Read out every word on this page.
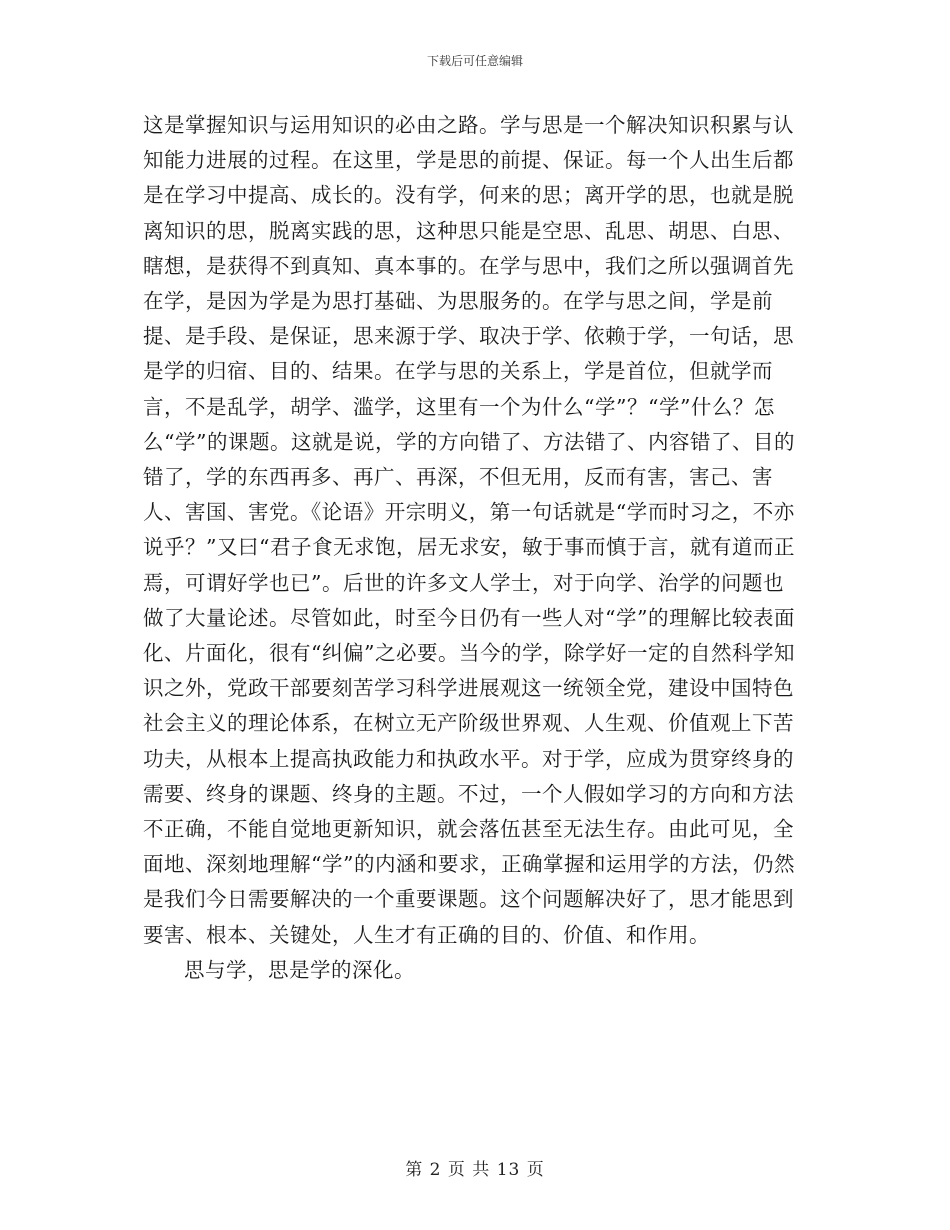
下载后可任意编辑

这是掌握知识与运用知识的必由之路。学与思是一个解决知识积累与认知能力进展的过程。在这里，学是思的前提、保证。每一个人出生后都是在学习中提高、成长的。没有学，何来的思；离开学的思，也就是脱离知识的思，脱离实践的思，这种思只能是空思、乱思、胡思、白思、瞎想，是获得不到真知、真本事的。在学与思中，我们之所以强调首先在学，是因为学是为思打基础、为思服务的。在学与思之间，学是前提、是手段、是保证，思来源于学、取决于学、依赖于学，一句话，思是学的归宿、目的、结果。在学与思的关系上，学是首位，但就学而言，不是乱学，胡学、滥学，这里有一个为什么“学”？“学”什么？怎么“学”的课题。这就是说，学的方向错了、方法错了、内容错了、目的错了，学的东西再多、再广、再深，不但无用，反而有害，害己、害人、害国、害党。《论语》开宗明义，第一句话就是“学而时习之，不亦说乎？”又曰“君子食无求饱，居无求安，敏于事而慎于言，就有道而正焉，可谓好学也已”。后世的许多文人学士，对于向学、治学的问题也做了大量论述。尽管如此，时至今日仍有一些人对“学”的理解比较表面化、片面化，很有“纠偏”之必要。当今的学，除学好一定的自然科学知识之外，党政干部要刻苦学习科学进展观这一统领全党，建设中国特色社会主义的理论体系，在树立无产阶级世界观、人生观、价值观上下苦功夫，从根本上提高执政能力和执政水平。对于学，应成为贯穿终身的需要、终身的课题、终身的主题。不过，一个人假如学习的方向和方法不正确，不能自觉地更新知识，就会落伍甚至无法生存。由此可见，全面地、深刻地理解“学”的内涵和要求，正确掌握和运用学的方法，仍然是我们今日需要解决的一个重要课题。这个问题解决好了，思才能思到要害、根本、关键处，人生才有正确的目的、价值、和作用。

思与学，思是学的深化。

第 2 页 共 13 页
